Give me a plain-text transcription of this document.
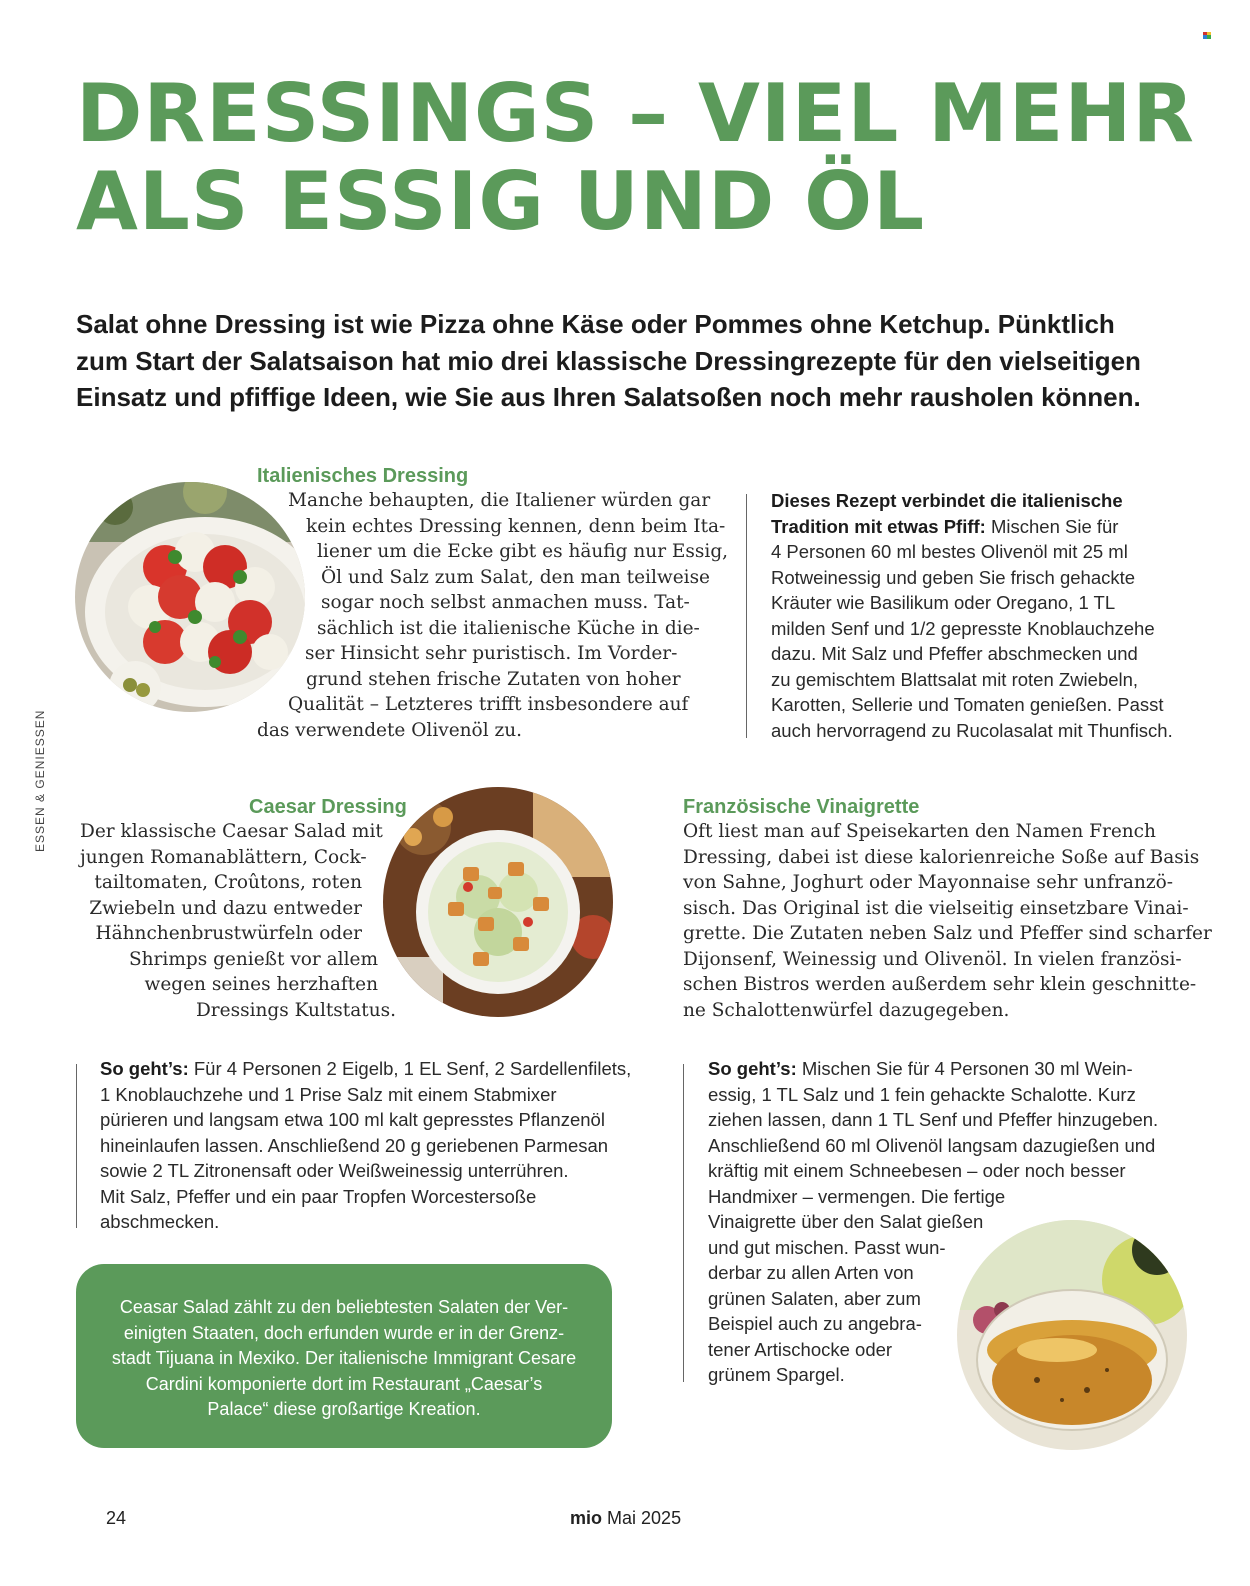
DRESSINGS – VIEL MEHR
ALS ESSIG UND ÖL
Salat ohne Dressing ist wie Pizza ohne Käse oder Pommes ohne Ketchup. Pünktlich
zum Start der Salatsaison hat mio drei klassische Dressingrezepte für den vielseitigen
Einsatz und pfiffige Ideen, wie Sie aus Ihren Salatsoßen noch mehr rausholen können.
ESSEN & GENIESSEN
Italienisches Dressing
Manche behaupten, die Italiener würden gar
kein echtes Dressing kennen, denn beim Ita-
liener um die Ecke gibt es häufig nur Essig,
Öl und Salz zum Salat, den man teilweise
sogar noch selbst anmachen muss. Tat-
sächlich ist die italienische Küche in die-
ser Hinsicht sehr puristisch. Im Vorder-
grund stehen frische Zutaten von hoher
Qualität – Letzteres trifft insbesondere auf
das verwendete Olivenöl zu.
Dieses Rezept verbindet die italienische
Tradition mit etwas Pfiff: Mischen Sie für
4 Personen 60 ml bestes Olivenöl mit 25 ml
Rotweinessig und geben Sie frisch gehackte
Kräuter wie Basilikum oder Oregano, 1 TL
milden Senf und 1/2 gepresste Knoblauchzehe
dazu. Mit Salz und Pfeffer abschmecken und
zu gemischtem Blattsalat mit roten Zwiebeln,
Karotten, Sellerie und Tomaten genießen. Passt
auch hervorragend zu Rucolasalat mit Thunfisch.
Caesar Dressing
Der klassische Caesar Salad mit
jungen Romanablättern, Cock-
tailtomaten, Croûtons, roten
Zwiebeln und dazu entweder
Hähnchenbrustwürfeln oder
Shrimps genießt vor allem
wegen seines herzhaften
Dressings Kultstatus.
Französische Vinaigrette
Oft liest man auf Speisekarten den Namen French
Dressing, dabei ist diese kalorienreiche Soße auf Basis
von Sahne, Joghurt oder Mayonnaise sehr unfranzö-
sisch. Das Original ist die vielseitig einsetzbare Vinai-
grette. Die Zutaten neben Salz und Pfeffer sind scharfer
Dijonsenf, Weinessig und Olivenöl. In vielen französi-
schen Bistros werden außerdem sehr klein geschnitte-
ne Schalottenwürfel dazugegeben.
So geht’s: Für 4 Personen 2 Eigelb, 1 EL Senf, 2 Sardellenfilets,
1 Knoblauchzehe und 1 Prise Salz mit einem Stabmixer
pürieren und langsam etwa 100 ml kalt gepresstes Pflanzenöl
hineinlaufen lassen. Anschließend 20 g geriebenen Parmesan
sowie 2 TL Zitronensaft oder Weißweinessig unterrühren.
Mit Salz, Pfeffer und ein paar Tropfen Worcestersoße
abschmecken.
So geht’s: Mischen Sie für 4 Personen 30 ml Wein-
essig, 1 TL Salz und 1 fein gehackte Schalotte. Kurz
ziehen lassen, dann 1 TL Senf und Pfeffer hinzugeben.
Anschließend 60 ml Olivenöl langsam dazugießen und
kräftig mit einem Schneebesen – oder noch besser
Handmixer – vermengen. Die fertige
Vinaigrette über den Salat gießen
und gut mischen. Passt wun-
derbar zu allen Arten von
grünen Salaten, aber zum
Beispiel auch zu angebra-
tener Artischocke oder
grünem Spargel.
Ceasar Salad zählt zu den beliebtesten Salaten der Ver-
einigten Staaten, doch erfunden wurde er in der Grenz-
stadt Tijuana in Mexiko. Der italienische Immigrant Cesare
Cardini komponierte dort im Restaurant „Caesar’s
Palace“ diese großartige Kreation.
24	mio Mai 2025
